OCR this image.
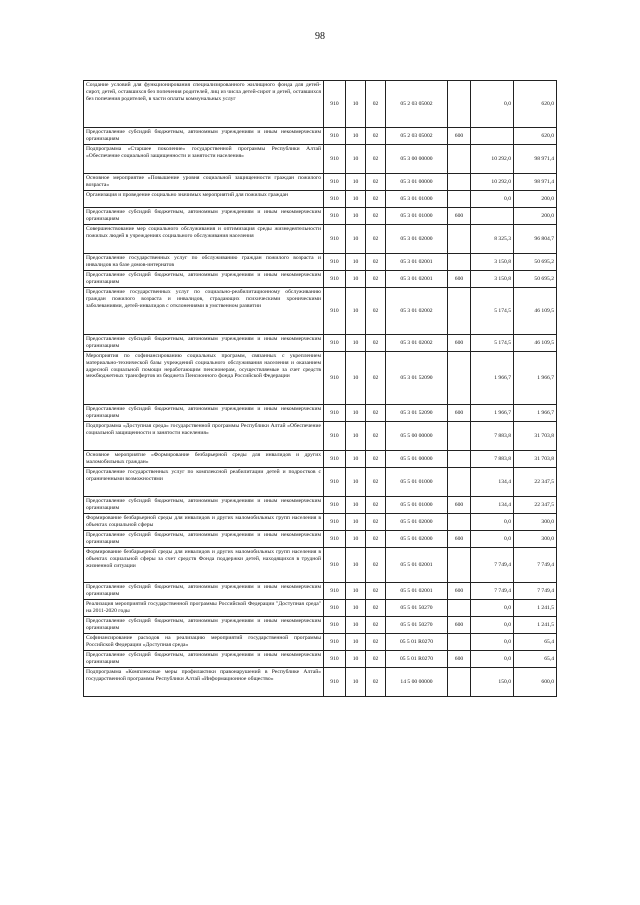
98
Создание условий для функционирования специализированного жилищного фонда для детей-сирот, детей, оставшихся без попечения родителей, лиц из числа детей-сирот и детей, оставшихся без попечения родителей, в части оплаты коммунальных услуг	910	10	02	05 2 03 05002		0,0	620,0
Предоставление субсидий бюджетным, автономным учреждениям и иным некоммерческим организациям	910	10	02	05 2 03 05002	600		620,0
Подпрограмма «Старшее поколение» государственной программы Республики Алтай «Обеспечение социальной защищенности и занятости населения»	910	10	02	05 3 00 00000		10 292,0	98 971,4
Основное мероприятие «Повышение уровня социальной защищенности граждан пожилого возраста»	910	10	02	05 3 01 00000		10 292,0	98 971,4
Организация и проведение социально значимых мероприятий для пожилых граждан	910	10	02	05 3 01 01000		0,0	200,0
Предоставление субсидий бюджетным, автономным учреждениям и иным некоммерческим организациям	910	10	02	05 3 01 01000	600		200,0
Совершенствование мер социального обслуживания и оптимизация среды жизнедеятельности пожилых людей в учреждениях социального обслуживания населения	910	10	02	05 3 01 02000		8 325,3	96 804,7
Предоставление государственных услуг по обслуживанию граждан пожилого возраста и инвалидов на базе домов-интернатов	910	10	02	05 3 01 02001		3 150,8	50 695,2
Предоставление субсидий бюджетным, автономным учреждениям и иным некоммерческим организациям	910	10	02	05 3 01 02001	600	3 150,8	50 695,2
Предоставление государственных услуг по социально-реабилитационному обслуживанию граждан пожилого возраста и инвалидов, страдающих психическими хроническими заболеваниями, детей-инвалидов с отклонениями в умственном развитии	910	10	02	05 3 01 02002		5 174,5	46 109,5
Предоставление субсидий бюджетным, автономным учреждениям и иным некоммерческим организациям	910	10	02	05 3 01 02002	600	5 174,5	46 109,5
Мероприятия по софинансированию социальных программ, связанных с укреплением материально-технической базы учреждений социального обслуживания населения и оказанием адресной социальной помощи неработающим пенсионерам, осуществляемые за счет средств межбюджетных трансфертов из бюджета Пенсионного фонда Российской Федерации	910	10	02	05 3 01 52090		1 966,7	1 966,7
Предоставление субсидий бюджетным, автономным учреждениям и иным некоммерческим организациям	910	10	02	05 3 01 52090	600	1 966,7	1 966,7
Подпрограмма «Доступная среда» государственной программы Республики Алтай «Обеспечение социальной защищенности и занятости населения»	910	10	02	05 5 00 00000		7 883,8	31 703,8
Основное мероприятие «Формирование безбарьерной среды для инвалидов и других маломобильных граждан»	910	10	02	05 5 01 00000		7 883,8	31 703,8
Предоставление государственных услуг по комплексной реабилитации детей и подростков с ограниченными возможностями	910	10	02	05 5 01 01000		134,4	22 347,5
Предоставление субсидий бюджетным, автономным учреждениям и иным некоммерческим организациям	910	10	02	05 5 01 01000	600	134,4	22 347,5
Формирование безбарьерной среды для инвалидов и других маломобильных групп населения в объектах социальной сферы	910	10	02	05 5 01 02000		0,0	300,0
Предоставление субсидий бюджетным, автономным учреждениям и иным некоммерческим организациям	910	10	02	05 5 01 02000	600	0,0	300,0
Формирование безбарьерной среды для инвалидов и других маломобильных групп населения в объектах социальной сферы за счет средств Фонда поддержки детей, находящихся в трудной жизненной ситуации	910	10	02	05 5 01 02001		7 749,4	7 749,4
Предоставление субсидий бюджетным, автономным учреждениям и иным некоммерческим организациям	910	10	02	05 5 01 02001	600	7 749,4	7 749,4
Реализация мероприятий государственной программы Российской Федерации "Доступная среда" на 2011-2020 годы	910	10	02	05 5 01 50270		0,0	1 241,5
Предоставление субсидий бюджетным, автономным учреждениям и иным некоммерческим организациям	910	10	02	05 5 01 50270	600	0,0	1 241,5
Софинансирование расходов на реализацию мероприятий государственной программы Российской Федерации «Доступная среда»	910	10	02	05 5 01 R0270		0,0	65,4
Предоставление субсидий бюджетным, автономным учреждениям и иным некоммерческим организациям	910	10	02	05 5 01 R0270	600	0,0	65,4
Подпрограмма «Комплексные меры профилактики правонарушений в Республике Алтай» государственной программы Республики Алтай «Информационное общество»	910	10	02	14 5 00 00000		150,0	600,0
